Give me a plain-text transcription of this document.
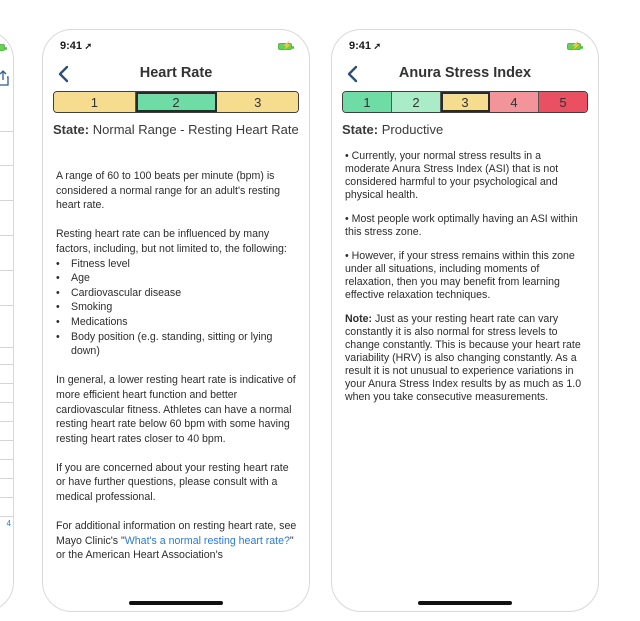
4
9:41 ➚	⚡
Heart Rate
1	2	3
State: Normal Range - Resting Heart Rate

A range of 60 to 100 beats per minute (bpm) is considered a normal range for an adult's resting heart rate.

Resting heart rate can be influenced by many factors, including, but not limited to, the following:

• Fitness level
• Age
• Cardiovascular disease
• Smoking
• Medications
• Body position (e.g. standing, sitting or lying down)

In general, a lower resting heart rate is indicative of more efficient heart function and better cardiovascular fitness. Athletes can have a normal resting heart rate below 60 bpm with some having resting heart rates closer to 40 bpm.

If you are concerned about your resting heart rate or have further questions, please consult with a medical professional.

For additional information on resting heart rate, see Mayo Clinic's "What's a normal resting heart rate?" or the American Heart Association's

9:41 ➚	⚡
Anura Stress Index
1	2	3	4	5
State: Productive

• Currently, your normal stress results in a moderate Anura Stress Index (ASI) that is not considered harmful to your psychological and physical health.

• Most people work optimally having an ASI within this stress zone.

• However, if your stress remains within this zone under all situations, including moments of relaxation, then you may benefit from learning effective relaxation techniques.

Note: Just as your resting heart rate can vary constantly it is also normal for stress levels to change constantly. This is because your heart rate variability (HRV) is also changing constantly. As a result it is not unusual to experience variations in your Anura Stress Index results by as much as 1.0 when you take consecutive measurements.
